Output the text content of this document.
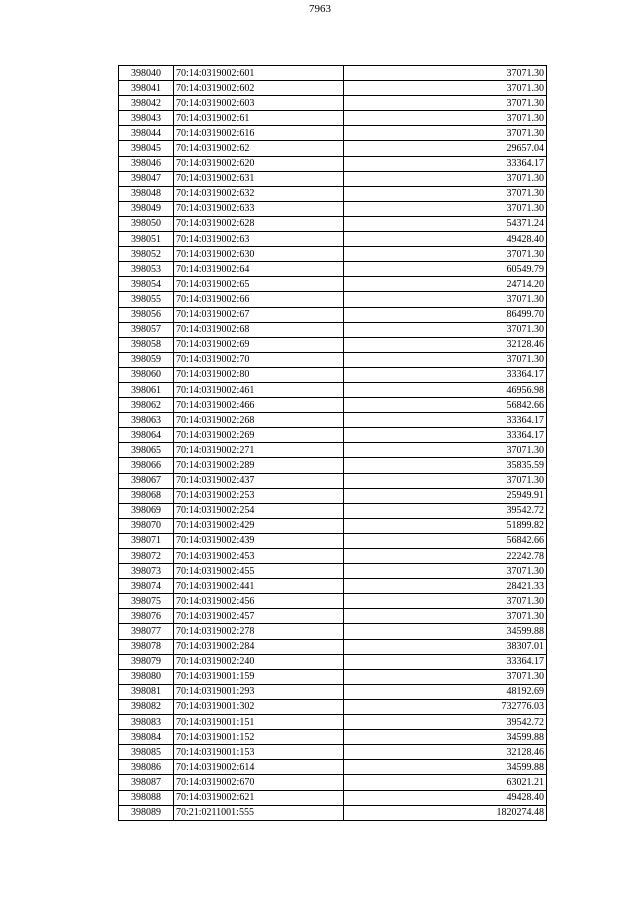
7963
398040	70:14:0319002:601	37071.30
398041	70:14:0319002:602	37071.30
398042	70:14:0319002:603	37071.30
398043	70:14:0319002:61	37071.30
398044	70:14:0319002:616	37071.30
398045	70:14:0319002:62	29657.04
398046	70:14:0319002:620	33364.17
398047	70:14:0319002:631	37071.30
398048	70:14:0319002:632	37071.30
398049	70:14:0319002:633	37071.30
398050	70:14:0319002:628	54371.24
398051	70:14:0319002:63	49428.40
398052	70:14:0319002:630	37071.30
398053	70:14:0319002:64	60549.79
398054	70:14:0319002:65	24714.20
398055	70:14:0319002:66	37071.30
398056	70:14:0319002:67	86499.70
398057	70:14:0319002:68	37071.30
398058	70:14:0319002:69	32128.46
398059	70:14:0319002:70	37071.30
398060	70:14:0319002:80	33364.17
398061	70:14:0319002:461	46956.98
398062	70:14:0319002:466	56842.66
398063	70:14:0319002:268	33364.17
398064	70:14:0319002:269	33364.17
398065	70:14:0319002:271	37071.30
398066	70:14:0319002:289	35835.59
398067	70:14:0319002:437	37071.30
398068	70:14:0319002:253	25949.91
398069	70:14:0319002:254	39542.72
398070	70:14:0319002:429	51899.82
398071	70:14:0319002:439	56842.66
398072	70:14:0319002:453	22242.78
398073	70:14:0319002:455	37071.30
398074	70:14:0319002:441	28421.33
398075	70:14:0319002:456	37071.30
398076	70:14:0319002:457	37071.30
398077	70:14:0319002:278	34599.88
398078	70:14:0319002:284	38307.01
398079	70:14:0319002:240	33364.17
398080	70:14:0319001:159	37071.30
398081	70:14:0319001:293	48192.69
398082	70:14:0319001:302	732776.03
398083	70:14:0319001:151	39542.72
398084	70:14:0319001:152	34599.88
398085	70:14:0319001:153	32128.46
398086	70:14:0319002:614	34599.88
398087	70:14:0319002:670	63021.21
398088	70:14:0319002:621	49428.40
398089	70:21:0211001:555	1820274.48
